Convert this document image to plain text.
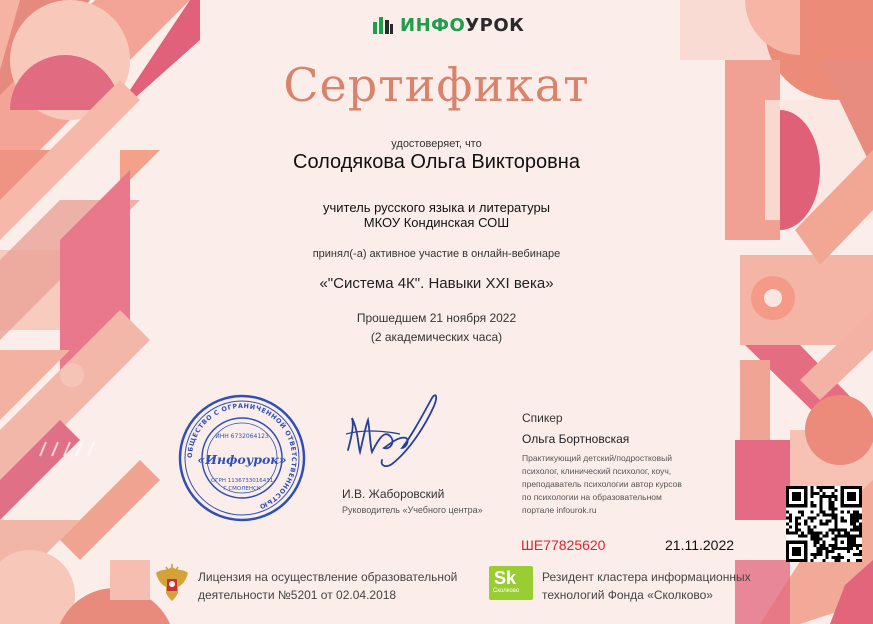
ИНФОУРОК
Сертификат
удостоверяет, что
Солодякова Ольга Викторовна
учитель русского языка и литературы
МКОУ Кондинская СОШ
принял(-а) активное участие в онлайн-вебинаре
«"Система 4К". Навыки XXI века»
Прошедшем 21 ноября 2022
(2 академических часа)
ОБЩЕСТВО С ОГРАНИЧЕННОЙ ОТВЕТСТВЕННОСТЬЮ
ИНН 6732064123
«Инфоурок»
ОГРН 1136733016431
Г.СМОЛЕНСК	И.В. Жаборовский
Руководитель «Учебного центра»
Спикер
Ольга Бортновская
Практикующий детский/подростковый
психолог, клинический психолог, коуч,
преподаватель психологии автор курсов
по психологии на образовательном
портале infourok.ru
ШЕ77825620	21.11.2022
Лицензия на осуществление образовательной
деятельности №5201 от 02.04.2018
Sk
Сколково
Резидент кластера информационных
технологий Фонда «Сколково»
